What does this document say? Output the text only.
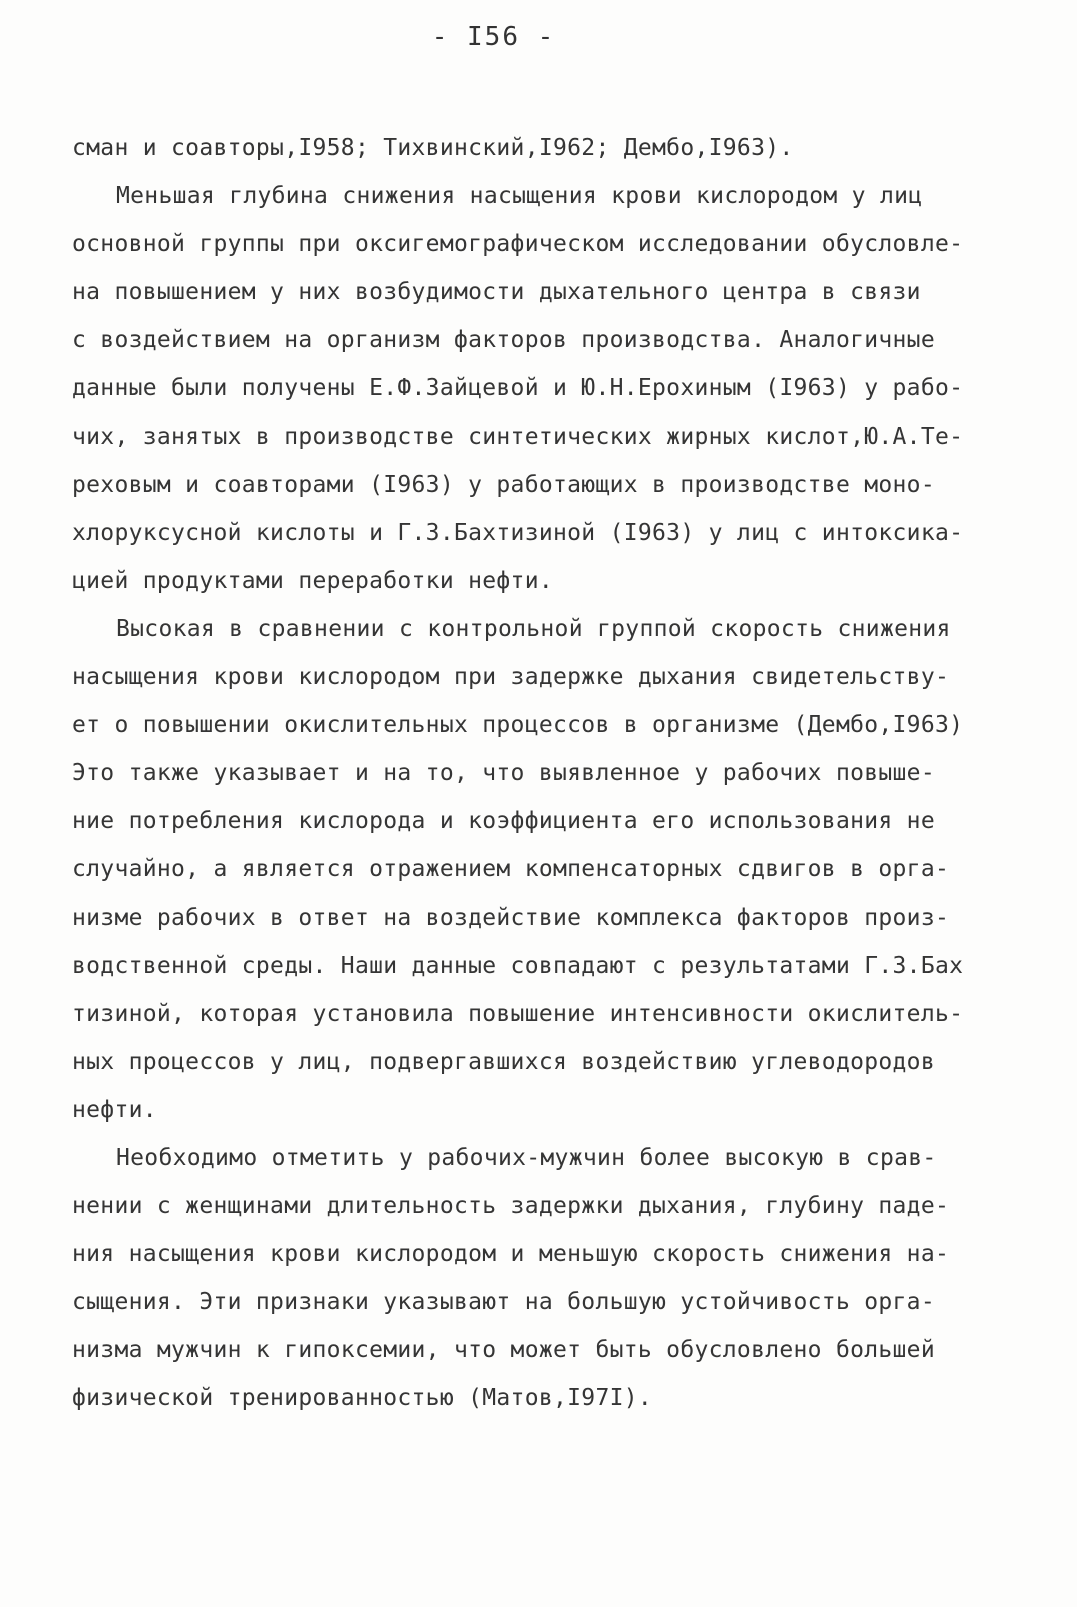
- I56 -
сман и соавторы,I958; Тихвинский,I962; Дембо,I963).
Меньшая глубина снижения насыщения крови кислородом у лиц
основной группы при оксигемографическом исследовании обусловле-
на повышением у них возбудимости дыхательного центра в связи
с воздействием на организм факторов производства. Аналогичные
данные были получены Е.Ф.Зайцевой и Ю.Н.Ерохиным (I963) у рабо-
чих, занятых в производстве синтетических жирных кислот,Ю.А.Те-
реховым и соавторами (I963) у работающих в производстве моно-
хлоруксусной кислоты и Г.З.Бахтизиной (I963) у лиц с интоксика-
цией продуктами переработки нефти.
Высокая в сравнении с контрольной группой скорость снижения
насыщения крови кислородом при задержке дыхания свидетельству-
ет о повышении окислительных процессов в организме (Дембо,I963)
Это также указывает и на то, что выявленное у рабочих повыше-
ние потребления кислорода и коэффициента его использования не
случайно, а является отражением компенсаторных сдвигов в орга-
низме рабочих в ответ на воздействие комплекса факторов произ-
водственной среды. Наши данные совпадают с результатами Г.З.Бах
тизиной, которая установила повышение интенсивности окислитель-
ных процессов у лиц, подвергавшихся воздействию углеводородов
нефти.
Необходимо отметить у рабочих-мужчин более высокую в срав-
нении с женщинами длительность задержки дыхания, глубину паде-
ния насыщения крови кислородом и меньшую скорость снижения на-
сыщения. Эти признаки указывают на большую устойчивость орга-
низма мужчин к гипоксемии, что может быть обусловлено большей
физической тренированностью (Матов,I97I).
